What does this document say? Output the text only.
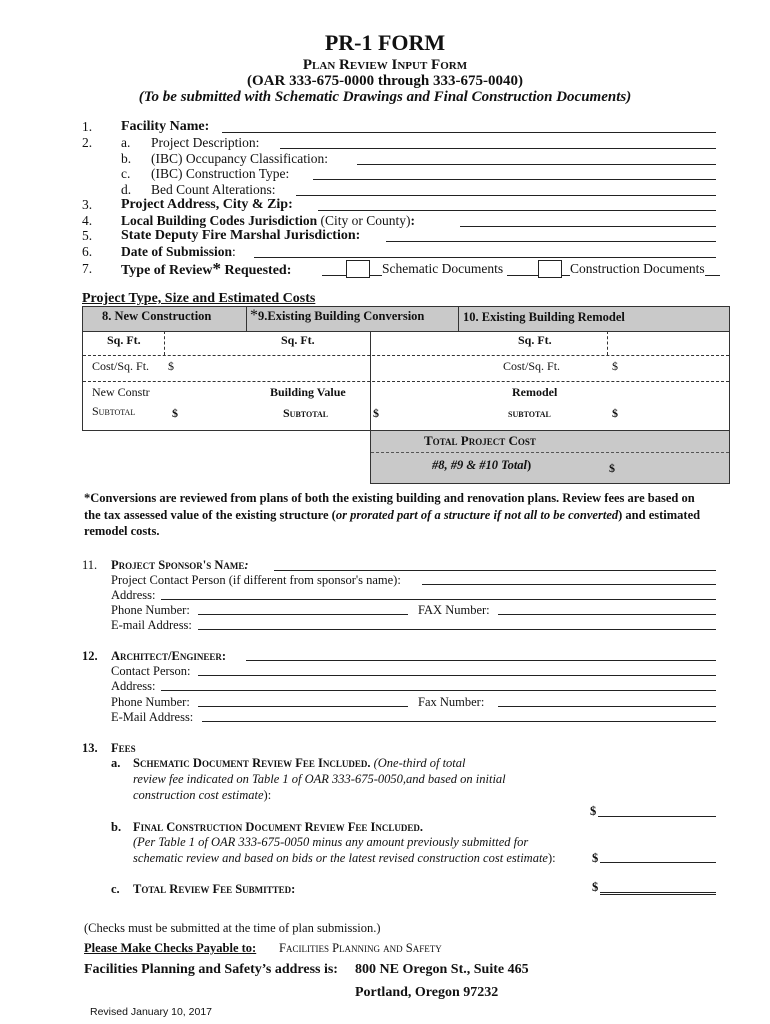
PR-1 FORM
Plan Review Input Form
(OAR 333-675-0000 through 333-675-0040)
(To be submitted with Schematic Drawings and Final Construction Documents)
1. Facility Name:
2. a. Project Description:
b. (IBC) Occupancy Classification:
c. (IBC) Construction Type:
d. Bed Count Alterations:
3. Project Address, City & Zip:
4. Local Building Codes Jurisdiction (City or County):
5. State Deputy Fire Marshal Jurisdiction:
6. Date of Submission:
7. Type of Review* Requested:	Schematic Documents	Construction Documents
Project Type, Size and Estimated Costs
8. New Construction *9.Existing Building Conversion	10. Existing Building Remodel
Sq. Ft.	Sq. Ft.	Sq. Ft.
Cost/Sq. Ft. $	Cost/Sq. Ft.	$
New Constr	Building Value	Remodel
Subtotal	$	Subtotal	$	subtotal	$
Total Project Cost
#8, #9 & #10 Total)	$
*Conversions are reviewed from plans of both the existing building and renovation plans. Review fees are based on
the tax assessed value of the existing structure (or prorated part of a structure if not all to be converted) and estimated
remodel costs.
11. Project Sponsor's Name:
Project Contact Person (if different from sponsor's name):
Address:
Phone Number:	FAX Number:
E-mail Address:
12. Architect/Engineer:
Contact Person:
Address:
Phone Number:	Fax Number:
E-Mail Address:
13. Fees
a. Schematic Document Review Fee Included. (One-third of total
review fee indicated on Table 1 of OAR 333-675-0050,and based on initial
construction cost estimate):
$
b. Final Construction Document Review Fee Included.
(Per Table 1 of OAR 333-675-0050 minus any amount previously submitted for
schematic review and based on bids or the latest revised construction cost estimate):	$
c. Total Review Fee Submitted:	$
(Checks must be submitted at the time of plan submission.)
Please Make Checks Payable to: Facilities Planning and Safety
Facilities Planning and Safety’s address is: 800 NE Oregon St., Suite 465
Portland, Oregon 97232
Revised January 10, 2017
